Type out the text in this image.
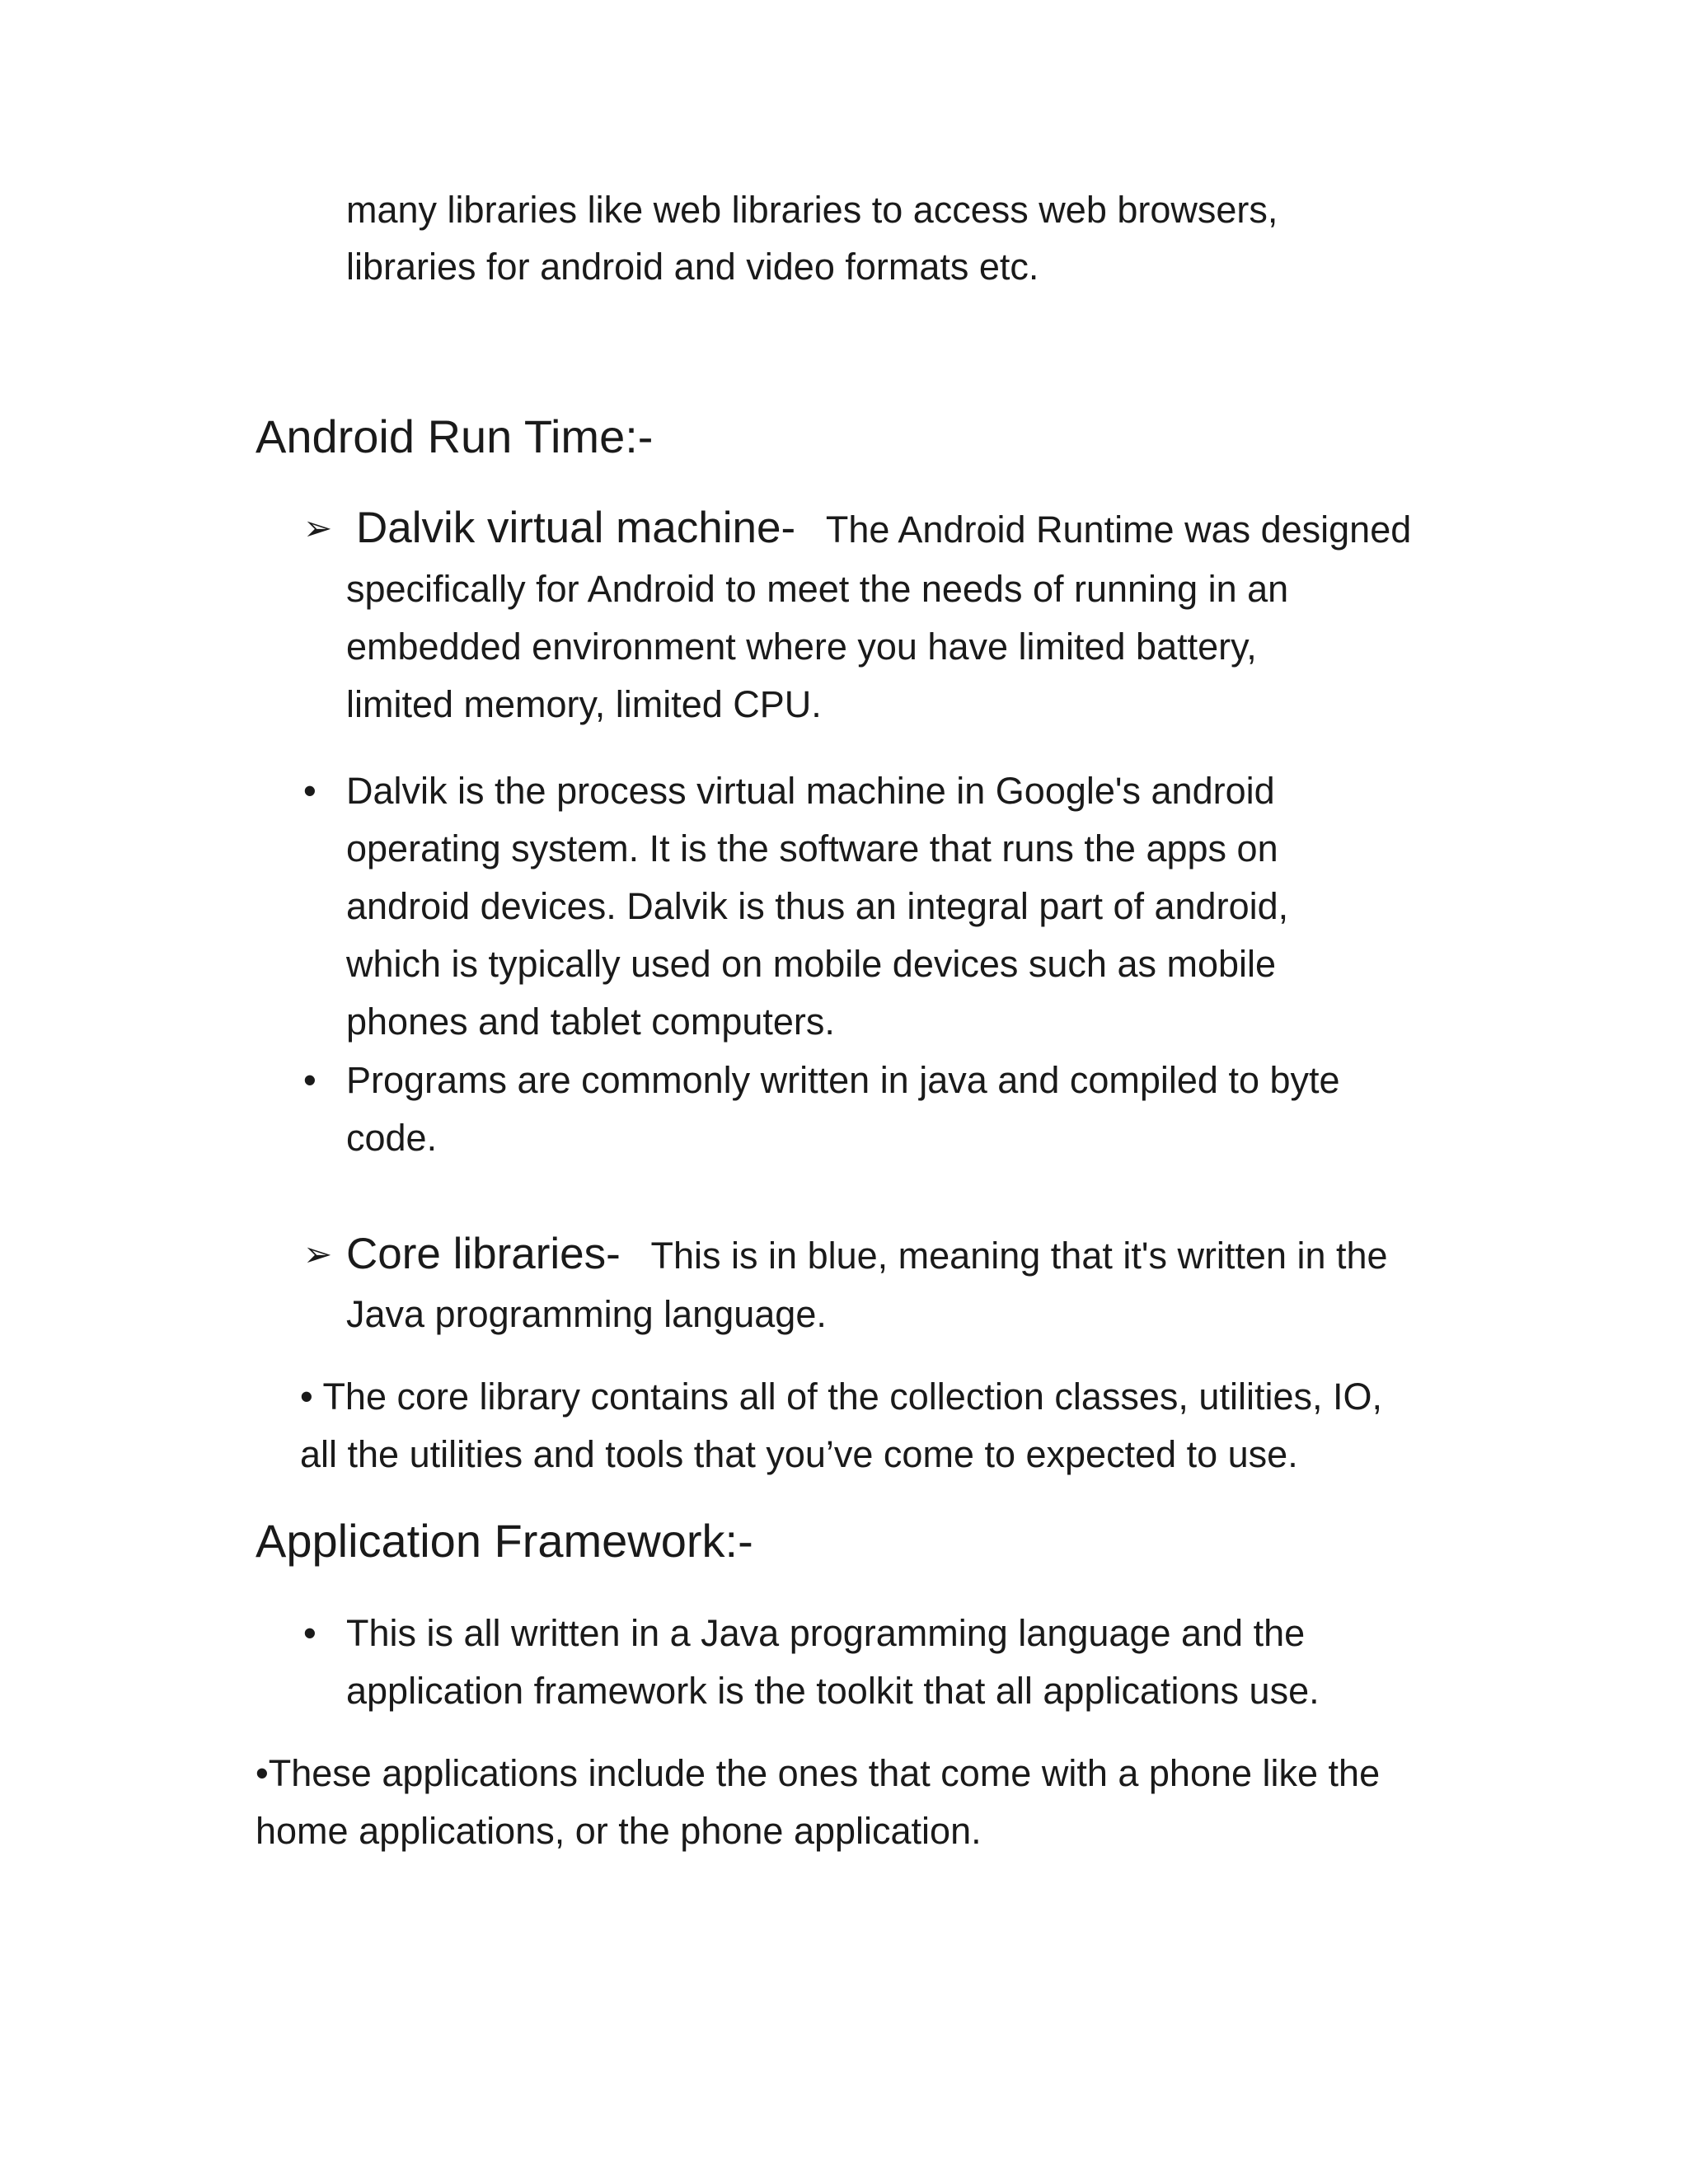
many libraries like web libraries to access web browsers,

libraries for android and video formats etc.

Android Run Time:-
➢ Dalvik virtual machine- The Android Runtime was designed

specifically for Android to meet the needs of running in an

embedded environment where you have limited battery,

limited memory, limited CPU.

• Dalvik is the process virtual machine in Google's android

operating system. It is the software that runs the apps on

android devices. Dalvik is thus an integral part of android,

which is typically used on mobile devices such as mobile

phones and tablet computers.

• Programs are commonly written in java and compiled to byte

code.

➢ Core libraries- This is in blue, meaning that it's written in the

Java programming language.

• The core library contains all of the collection classes, utilities, IO,

all the utilities and tools that you’ve come to expected to use.

Application Framework:-
• This is all written in a Java programming language and the

application framework is the toolkit that all applications use.

•These applications include the ones that come with a phone like the

home applications, or the phone application.
